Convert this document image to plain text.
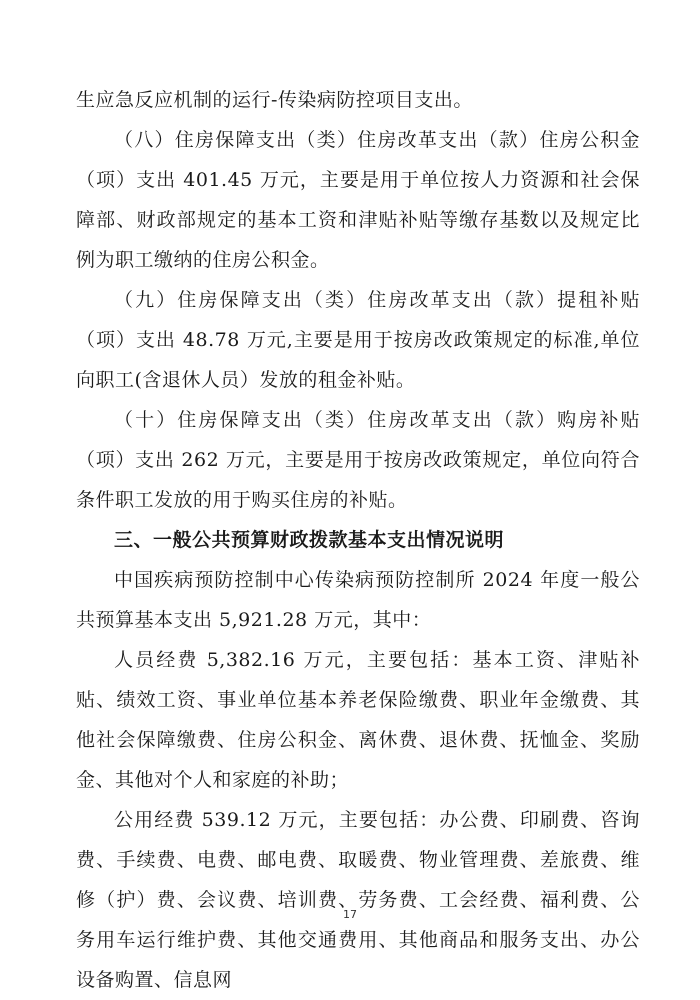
生应急反应机制的运行-传染病防控项目支出。

（八）住房保障支出（类）住房改革支出（款）住房公积金（项）支出 401.45 万元，主要是用于单位按人力资源和社会保障部、财政部规定的基本工资和津贴补贴等缴存基数以及规定比例为职工缴纳的住房公积金。

（九）住房保障支出（类）住房改革支出（款）提租补贴（项）支出 48.78 万元,主要是用于按房改政策规定的标准,单位向职工(含退休人员）发放的租金补贴。

（十）住房保障支出（类）住房改革支出（款）购房补贴（项）支出 262 万元，主要是用于按房改政策规定，单位向符合条件职工发放的用于购买住房的补贴。

三、一般公共预算财政拨款基本支出情况说明

中国疾病预防控制中心传染病预防控制所 2024 年度一般公共预算基本支出 5,921.28 万元，其中：

人员经费 5,382.16 万元，主要包括：基本工资、津贴补贴、绩效工资、事业单位基本养老保险缴费、职业年金缴费、其他社会保障缴费、住房公积金、离休费、退休费、抚恤金、奖励金、其他对个人和家庭的补助；

公用经费 539.12 万元，主要包括：办公费、印刷费、咨询费、手续费、电费、邮电费、取暖费、物业管理费、差旅费、维修（护）费、会议费、培训费、劳务费、工会经费、福利费、公务用车运行维护费、其他交通费用、其他商品和服务支出、办公设备购置、信息网

17
